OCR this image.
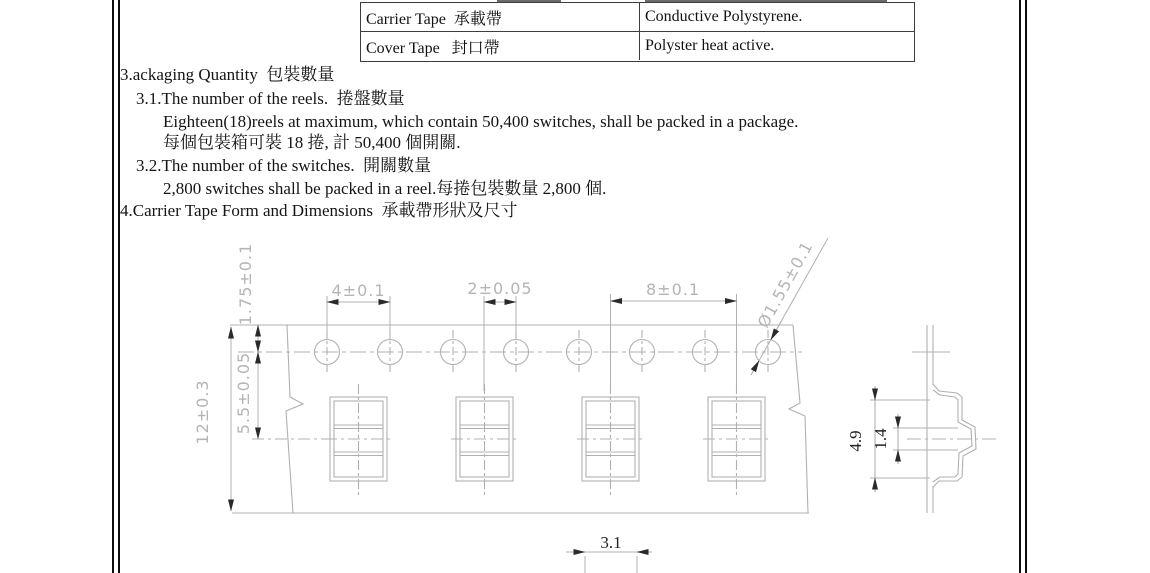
Carrier Tape  承載帶	Conductive Polystyrene.
Cover Tape   封口帶	Polyster heat active.
3.ackaging Quantity  包裝數量
3.1.The number of the reels.  捲盤數量
Eighteen(18)reels at maximum, which contain 50,400 switches, shall be packed in a package.
每個包裝箱可裝 18 捲, 計 50,400 個開關.
3.2.The number of the switches.  開關數量
2,800 switches shall be packed in a reel.每捲包裝數量 2,800 個.
4.Carrier Tape Form and Dimensions  承載帶形狀及尺寸
4±0.1	2±0.05	8±0.1	Ø1.55±0.1
1.75±0.1
5.5±0.05
12±0.3	4.9 1.4
3.1
